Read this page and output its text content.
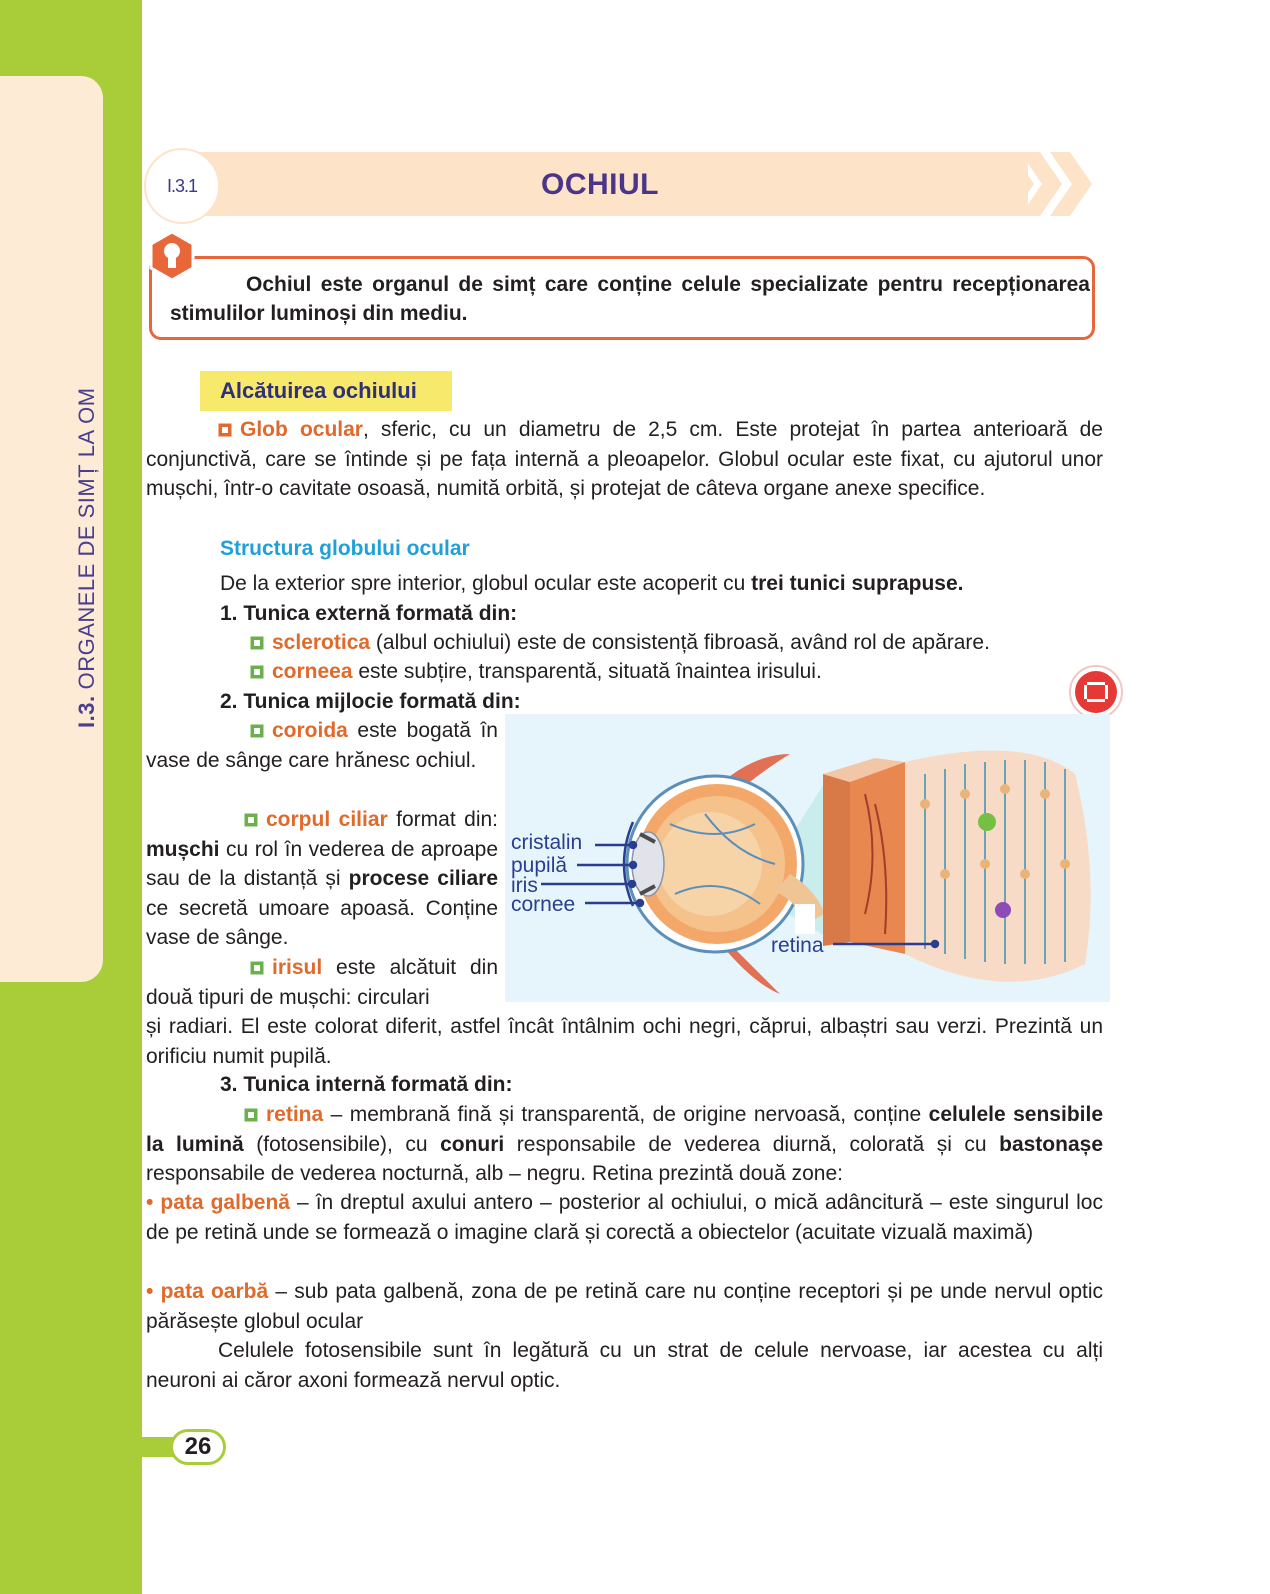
I.3.ORGANELE DE SIMȚ LA OM
I.3.1	OCHIUL
Ochiul este organul de simț care conține celule specializate pentru recepționarea stimulilor luminoși din mediu.
Alcătuirea ochiului
Glob ocular, sferic, cu un diametru de 2,5 cm. Este protejat în partea anterioară de conjunctivă, care se întinde și pe fața internă a pleoapelor. Globul ocular este fixat, cu ajutorul unor mușchi, într-o cavitate osoasă, numită orbită, și protejat de câteva organe anexe specifice.
Structura globului ocular
De la exterior spre interior, globul ocular este acoperit cu trei tunici suprapuse.
1. Tunica externă formată din:
sclerotica (albul ochiului) este de consistență fibroasă, având rol de apărare.
corneea este subțire, transparentă, situată înaintea irisului.
2. Tunica mijlocie formată din:
coroida este bogată în vase de sânge care hrănesc ochiul.
corpul ciliar format din: mușchi cu rol în vederea de aproape sau de la distanță și procese ciliare ce secretă umoare apoasă. Conține vase de sânge.
irisul este alcătuit din două tipuri de mușchi: circulari
și radiari. El este colorat diferit, astfel încât întâlnim ochi negri, căprui, albaștri sau verzi. Prezintă un orificiu numit pupilă.
cristalin
pupilă
iris
cornee
retina
3. Tunica internă formată din:
retina – membrană fină și transparentă, de origine nervoasă, conține celulele sensibile la lumină (fotosensibile), cu conuri responsabile de vederea diurnă, colorată și cu bastonașe responsabile de vederea nocturnă, alb – negru. Retina prezintă două zone:
• pata galbenă – în dreptul axului antero – posterior al ochiului, o mică adâncitură – este singurul loc de pe retină unde se formează o imagine clară și corectă a obiectelor (acuitate vizuală maximă)
• pata oarbă – sub pata galbenă, zona de pe retină care nu conține receptori și pe unde nervul optic părăsește globul ocular
Celulele fotosensibile sunt în legătură cu un strat de celule nervoase, iar acestea cu alți neuroni ai căror axoni formează nervul optic.
26
